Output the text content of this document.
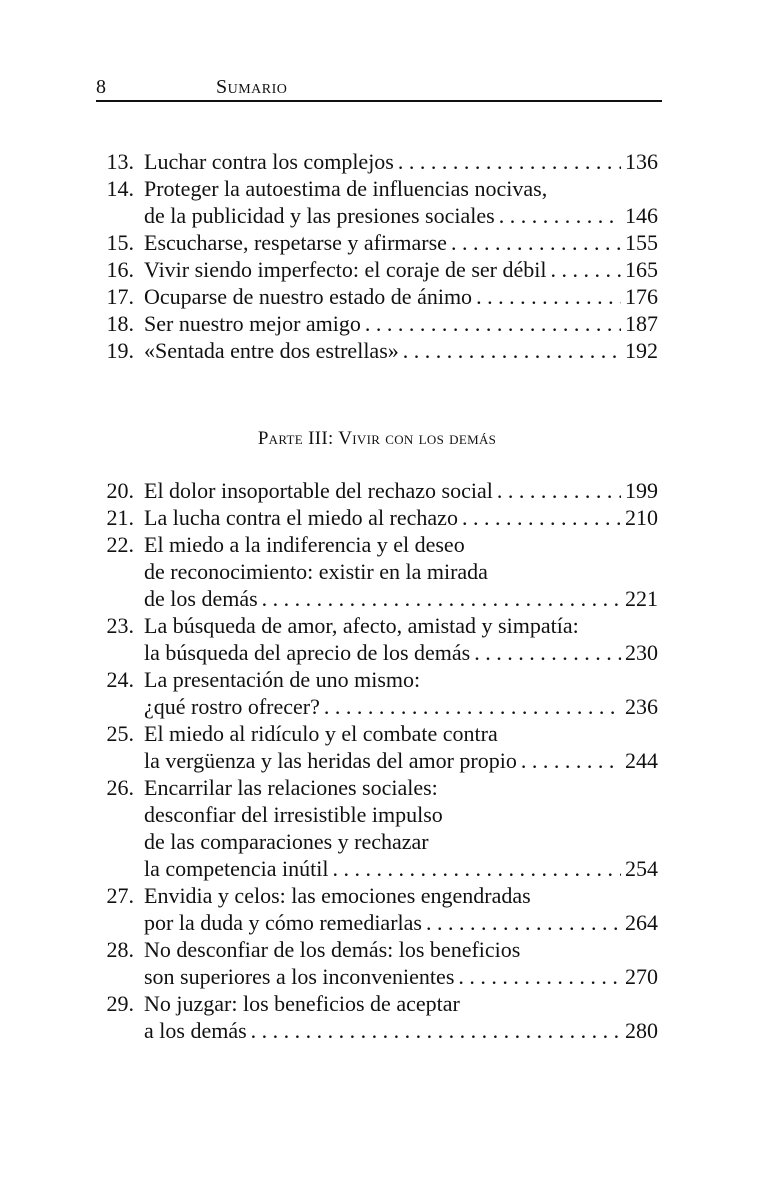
8	Sumario
13. Luchar contra los complejos . . .	136
14. Proteger la autoestima de influencias nocivas,
de la publicidad y las presiones sociales . . .	146
15. Escucharse, respetarse y afirmarse . . .	155
16. Vivir siendo imperfecto: el coraje de ser débil . . .	165
17. Ocuparse de nuestro estado de ánimo . . .	176
18. Ser nuestro mejor amigo . . .	187
19. «Sentada entre dos estrellas» . . .	192
Parte III: Vivir con los demás
20. El dolor insoportable del rechazo social . . .	199
21. La lucha contra el miedo al rechazo . . .	210
22. El miedo a la indiferencia y el deseo
de reconocimiento: existir en la mirada
de los demás . . .	221
23. La búsqueda de amor, afecto, amistad y simpatía:
la búsqueda del aprecio de los demás . . .	230
24. La presentación de uno mismo:
¿qué rostro ofrecer? . . .	236
25. El miedo al ridículo y el combate contra
la vergüenza y las heridas del amor propio . . .	244
26. Encarrilar las relaciones sociales:
desconfiar del irresistible impulso
de las comparaciones y rechazar
la competencia inútil . . .	254
27. Envidia y celos: las emociones engendradas
por la duda y cómo remediarlas . . .	264
28. No desconfiar de los demás: los beneficios
son superiores a los inconvenientes . . .	270
29. No juzgar: los beneficios de aceptar
a los demás . . .	280
